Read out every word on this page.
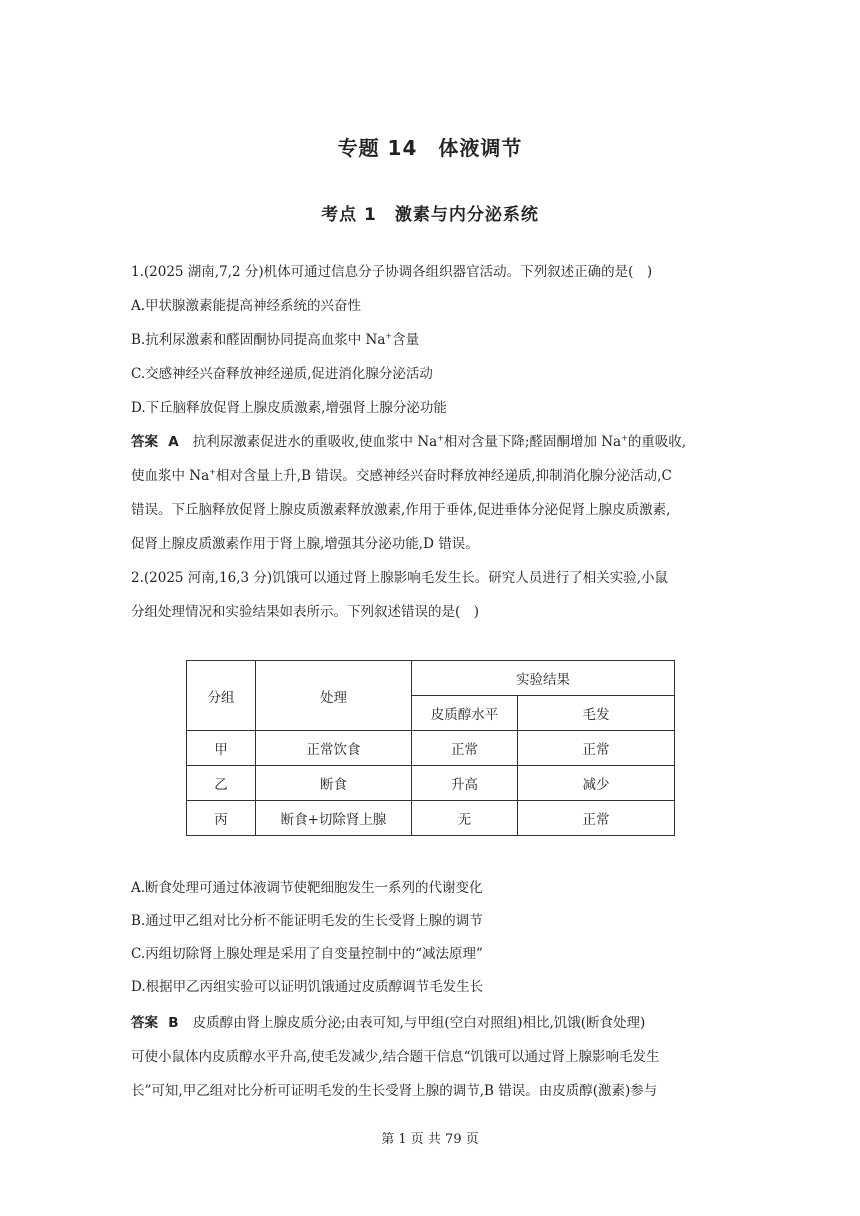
专题 14　体液调节
考点 1　激素与内分泌系统
1.(2025 湖南,7,2 分)机体可通过信息分子协调各组织器官活动。下列叙述正确的是(　)
A.甲状腺激素能提高神经系统的兴奋性
B.抗利尿激素和醛固酮协同提高血浆中 Na+含量
C.交感神经兴奋释放神经递质,促进消化腺分泌活动
D.下丘脑释放促肾上腺皮质激素,增强肾上腺分泌功能
答案 A 抗利尿激素促进水的重吸收,使血浆中 Na+相对含量下降;醛固酮增加 Na+的重吸收,
使血浆中 Na+相对含量上升,B 错误。交感神经兴奋时释放神经递质,抑制消化腺分泌活动,C
错误。下丘脑释放促肾上腺皮质激素释放激素,作用于垂体,促进垂体分泌促肾上腺皮质激素,
促肾上腺皮质激素作用于肾上腺,增强其分泌功能,D 错误。
2.(2025 河南,16,3 分)饥饿可以通过肾上腺影响毛发生长。研究人员进行了相关实验,小鼠
分组处理情况和实验结果如表所示。下列叙述错误的是(　)
分组	处理	实验结果	
		皮质醇水平	毛发
甲	正常饮食	正常	正常
乙	断食	升高	减少
丙	断食+切除肾上腺	无	正常
A.断食处理可通过体液调节使靶细胞发生一系列的代谢变化
B.通过甲乙组对比分析不能证明毛发的生长受肾上腺的调节
C.丙组切除肾上腺处理是采用了自变量控制中的“减法原理”
D.根据甲乙丙组实验可以证明饥饿通过皮质醇调节毛发生长
答案 B 皮质醇由肾上腺皮质分泌;由表可知,与甲组(空白对照组)相比,饥饿(断食处理)
可使小鼠体内皮质醇水平升高,使毛发减少,结合题干信息“饥饿可以通过肾上腺影响毛发生
长”可知,甲乙组对比分析可证明毛发的生长受肾上腺的调节,B 错误。由皮质醇(激素)参与
第 1 页 共 79 页
